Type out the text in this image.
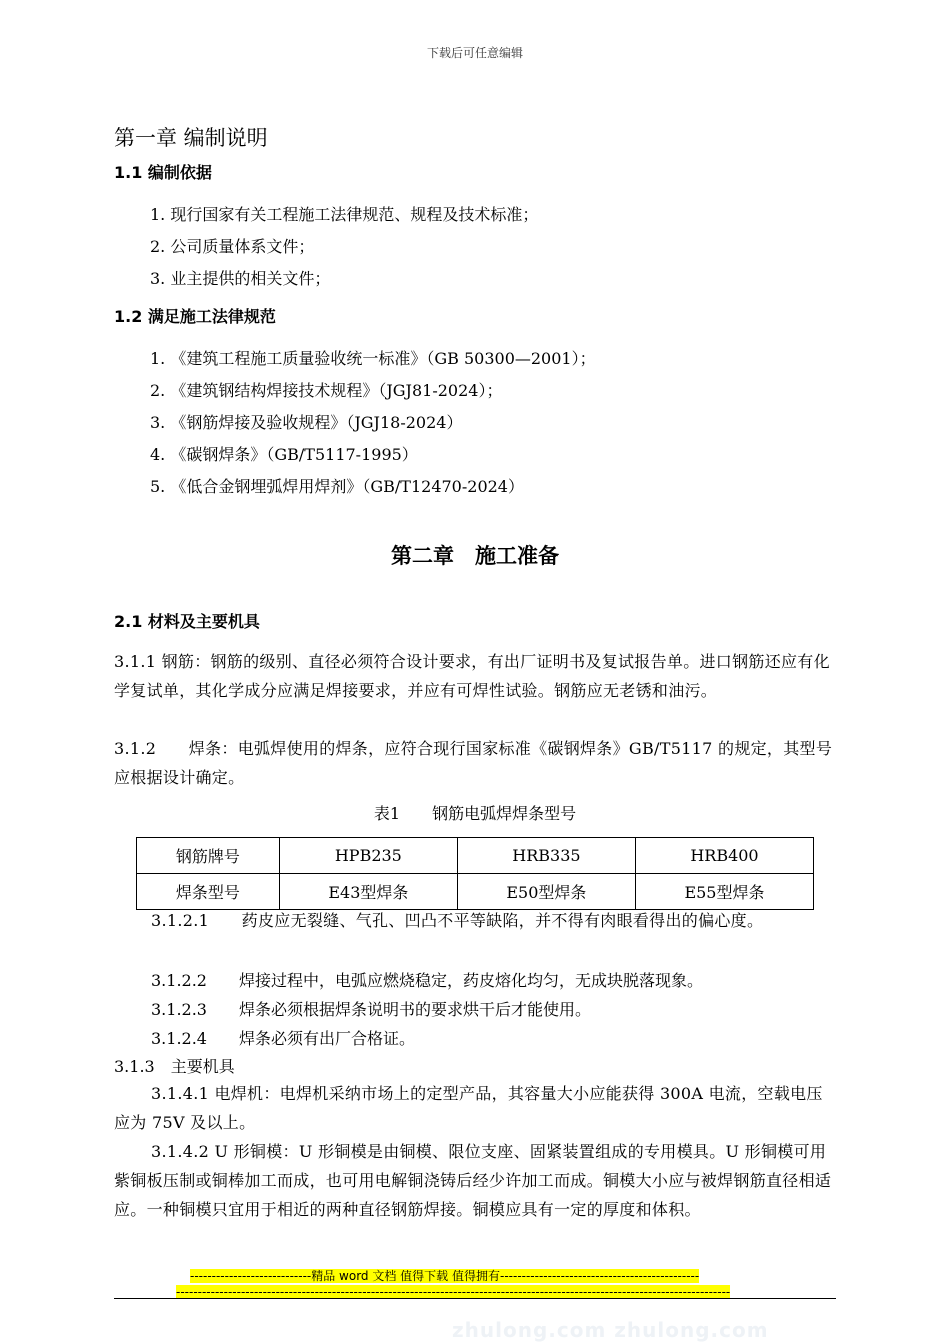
下载后可任意编辑
第一章 编制说明
1.1 编制依据
1. 现行国家有关工程施工法律规范、规程及技术标准；
2. 公司质量体系文件；
3. 业主提供的相关文件；
1.2 满足施工法律规范
1. 《建筑工程施工质量验收统一标准》（GB 50300—2001）；
2. 《建筑钢结构焊接技术规程》（JGJ81-2024）；
3. 《钢筋焊接及验收规程》（JGJ18-2024）
4. 《碳钢焊条》（GB/T5117-1995）
5. 《低合金钢埋弧焊用焊剂》（GB/T12470-2024）
第二章　施工准备
2.1 材料及主要机具
3.1.1 钢筋：钢筋的级别、直径必须符合设计要求，有出厂证明书及复试报告单。进口钢筋还应有化学复试单，其化学成分应满足焊接要求，并应有可焊性试验。钢筋应无老锈和油污。
3.1.2　　焊条：电弧焊使用的焊条，应符合现行国家标准《碳钢焊条》GB/T5117 的规定，其型号应根据设计确定。
表1　　钢筋电弧焊焊条型号
钢筋牌号	HPB235	HRB335	HRB400
焊条型号	E43型焊条	E50型焊条	E55型焊条
3.1.2.1　　药皮应无裂缝、气孔、凹凸不平等缺陷，并不得有肉眼看得出的偏心度。
3.1.2.2　　焊接过程中，电弧应燃烧稳定，药皮熔化均匀，无成块脱落现象。
3.1.2.3　　焊条必须根据焊条说明书的要求烘干后才能使用。
3.1.2.4　　焊条必须有出厂合格证。
3.1.3　主要机具
3.1.4.1 电焊机：电焊机采纳市场上的定型产品，其容量大小应能获得 300A 电流，空载电压应为 75V 及以上。
3.1.4.2 U 形铜模：U 形铜模是由铜模、限位支座、固紧装置组成的专用模具。U 形铜模可用紫铜板压制或铜棒加工而成，也可用电解铜浇铸后经少许加工而成。铜模大小应与被焊钢筋直径相适应。一种铜模只宜用于相近的两种直径钢筋焊接。铜模应具有一定的厚度和体积。
----------------------------精品 word 文档 值得下载 值得拥有----------------------------------------------
--------------------------------------------------------------------------------------------------------------------------------
zhulong.com zhulong.com
